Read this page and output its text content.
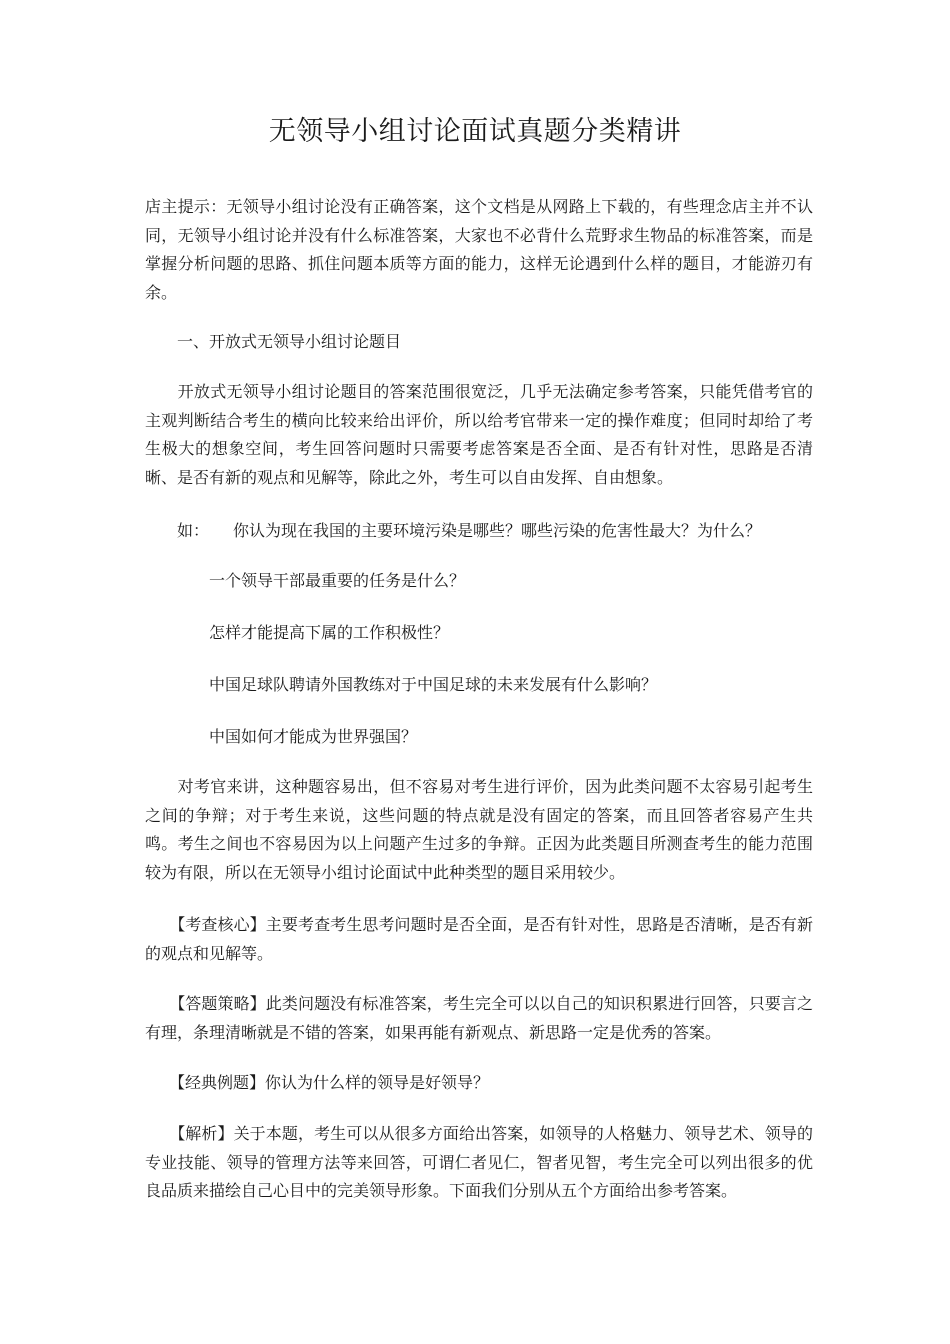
无领导小组讨论面试真题分类精讲

店主提示：无领导小组讨论没有正确答案，这个文档是从网路上下载的，有些理念店主并不认同，无领导小组讨论并没有什么标准答案，大家也不必背什么荒野求生物品的标准答案，而是掌握分析问题的思路、抓住问题本质等方面的能力，这样无论遇到什么样的题目，才能游刃有余。

　　一、开放式无领导小组讨论题目

　　开放式无领导小组讨论题目的答案范围很宽泛，几乎无法确定参考答案，只能凭借考官的主观判断结合考生的横向比较来给出评价，所以给考官带来一定的操作难度；但同时却给了考生极大的想象空间，考生回答问题时只需要考虑答案是否全面、是否有针对性，思路是否清晰、是否有新的观点和见解等，除此之外，考生可以自由发挥、自由想象。

　　如：　　你认为现在我国的主要环境污染是哪些？哪些污染的危害性最大？为什么？

　　　　一个领导干部最重要的任务是什么？

　　　　怎样才能提高下属的工作积极性？

　　　　中国足球队聘请外国教练对于中国足球的未来发展有什么影响？

　　　　中国如何才能成为世界强国？

　　对考官来讲，这种题容易出，但不容易对考生进行评价，因为此类问题不太容易引起考生之间的争辩；对于考生来说，这些问题的特点就是没有固定的答案，而且回答者容易产生共鸣。考生之间也不容易因为以上问题产生过多的争辩。正因为此类题目所测查考生的能力范围较为有限，所以在无领导小组讨论面试中此种类型的题目采用较少。

　　【考查核心】主要考查考生思考问题时是否全面，是否有针对性，思路是否清晰，是否有新的观点和见解等。

　　【答题策略】此类问题没有标准答案，考生完全可以以自己的知识积累进行回答，只要言之有理，条理清晰就是不错的答案，如果再能有新观点、新思路一定是优秀的答案。

　　【经典例题】你认为什么样的领导是好领导？

　　【解析】关于本题，考生可以从很多方面给出答案，如领导的人格魅力、领导艺术、领导的专业技能、领导的管理方法等来回答，可谓仁者见仁，智者见智，考生完全可以列出很多的优良品质来描绘自己心目中的完美领导形象。下面我们分别从五个方面给出参考答案。
